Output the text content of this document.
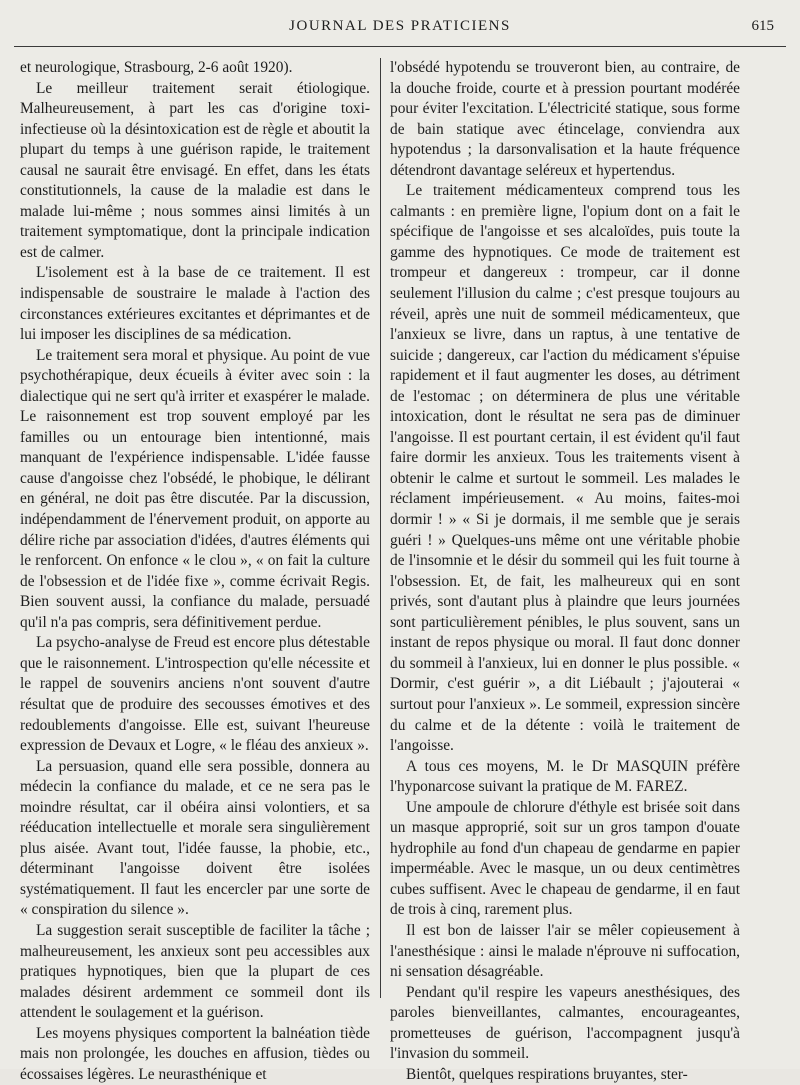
JOURNAL DES PRATICIENS	615

et neurologique, Strasbourg, 2-6 août 1920).

Le meilleur traitement serait étiologique. Malheureusement, à part les cas d'origine toxi-infectieuse où la désintoxication est de règle et aboutit la plupart du temps à une guérison rapide, le traitement causal ne saurait être envisagé. En effet, dans les états constitutionnels, la cause de la maladie est dans le malade lui-même ; nous sommes ainsi limités à un traitement symptomatique, dont la principale indication est de calmer.

L'isolement est à la base de ce traitement. Il est indispensable de soustraire le malade à l'action des circonstances extérieures excitantes et déprimantes et de lui imposer les disciplines de sa médication.

Le traitement sera moral et physique. Au point de vue psychothérapique, deux écueils à éviter avec soin : la dialectique qui ne sert qu'à irriter et exaspérer le malade. Le raisonnement est trop souvent employé par les familles ou un entourage bien intentionné, mais manquant de l'expérience indispensable. L'idée fausse cause d'angoisse chez l'obsédé, le phobique, le délirant en général, ne doit pas être discutée. Par la discussion, indépendamment de l'énervement produit, on apporte au délire riche par association d'idées, d'autres éléments qui le renforcent. On enfonce « le clou », « on fait la culture de l'obsession et de l'idée fixe », comme écrivait Regis. Bien souvent aussi, la confiance du malade, persuadé qu'il n'a pas compris, sera définitivement perdue.

La psycho-analyse de Freud est encore plus détestable que le raisonnement. L'introspection qu'elle nécessite et le rappel de souvenirs anciens n'ont souvent d'autre résultat que de produire des secousses émotives et des redoublements d'angoisse. Elle est, suivant l'heureuse expression de Devaux et Logre, « le fléau des anxieux ».

La persuasion, quand elle sera possible, donnera au médecin la confiance du malade, et ce ne sera pas le moindre résultat, car il obéira ainsi volontiers, et sa rééducation intellectuelle et morale sera singulièrement plus aisée. Avant tout, l'idée fausse, la phobie, etc., déterminant l'angoisse doivent être isolées systématiquement. Il faut les encercler par une sorte de « conspiration du silence ».

La suggestion serait susceptible de faciliter la tâche ; malheureusement, les anxieux sont peu accessibles aux pratiques hypnotiques, bien que la plupart de ces malades désirent ardemment ce sommeil dont ils attendent le soulagement et la guérison.

Les moyens physiques comportent la balnéation tiède mais non prolongée, les douches en affusion, tièdes ou écossaises légères. Le neurasthénique et

l'obsédé hypotendu se trouveront bien, au contraire, de la douche froide, courte et à pression pourtant modérée pour éviter l'excitation. L'électricité statique, sous forme de bain statique avec étincelage, conviendra aux hypotendus ; la darsonvalisation et la haute fréquence détendront davantage seléreux et hypertendus.

Le traitement médicamenteux comprend tous les calmants : en première ligne, l'opium dont on a fait le spécifique de l'angoisse et ses alcaloïdes, puis toute la gamme des hypnotiques. Ce mode de traitement est trompeur et dangereux : trompeur, car il donne seulement l'illusion du calme ; c'est presque toujours au réveil, après une nuit de sommeil médicamenteux, que l'anxieux se livre, dans un raptus, à une tentative de suicide ; dangereux, car l'action du médicament s'épuise rapidement et il faut augmenter les doses, au détriment de l'estomac ; on déterminera de plus une véritable intoxication, dont le résultat ne sera pas de diminuer l'angoisse. Il est pourtant certain, il est évident qu'il faut faire dormir les anxieux. Tous les traitements visent à obtenir le calme et surtout le sommeil. Les malades le réclament impérieusement. « Au moins, faites-moi dormir ! » « Si je dormais, il me semble que je serais guéri ! » Quelques-uns même ont une véritable phobie de l'insomnie et le désir du sommeil qui les fuit tourne à l'obsession. Et, de fait, les malheureux qui en sont privés, sont d'autant plus à plaindre que leurs journées sont particulièrement pénibles, le plus souvent, sans un instant de repos physique ou moral. Il faut donc donner du sommeil à l'anxieux, lui en donner le plus possible. « Dormir, c'est guérir », a dit Liébault ; j'ajouterai « surtout pour l'anxieux ». Le sommeil, expression sincère du calme et de la détente : voilà le traitement de l'angoisse.

A tous ces moyens, M. le Dr MASQUIN préfère l'hyponarcose suivant la pratique de M. FAREZ.

Une ampoule de chlorure d'éthyle est brisée soit dans un masque approprié, soit sur un gros tampon d'ouate hydrophile au fond d'un chapeau de gendarme en papier imperméable. Avec le masque, un ou deux centimètres cubes suffisent. Avec le chapeau de gendarme, il en faut de trois à cinq, rarement plus.

Il est bon de laisser l'air se mêler copieusement à l'anesthésique : ainsi le malade n'éprouve ni suffocation, ni sensation désagréable.

Pendant qu'il respire les vapeurs anesthésiques, des paroles bienveillantes, calmantes, encourageantes, prometteuses de guérison, l'accompagnent jusqu'à l'invasion du sommeil.

Bientôt, quelques respirations bruyantes, ster-
